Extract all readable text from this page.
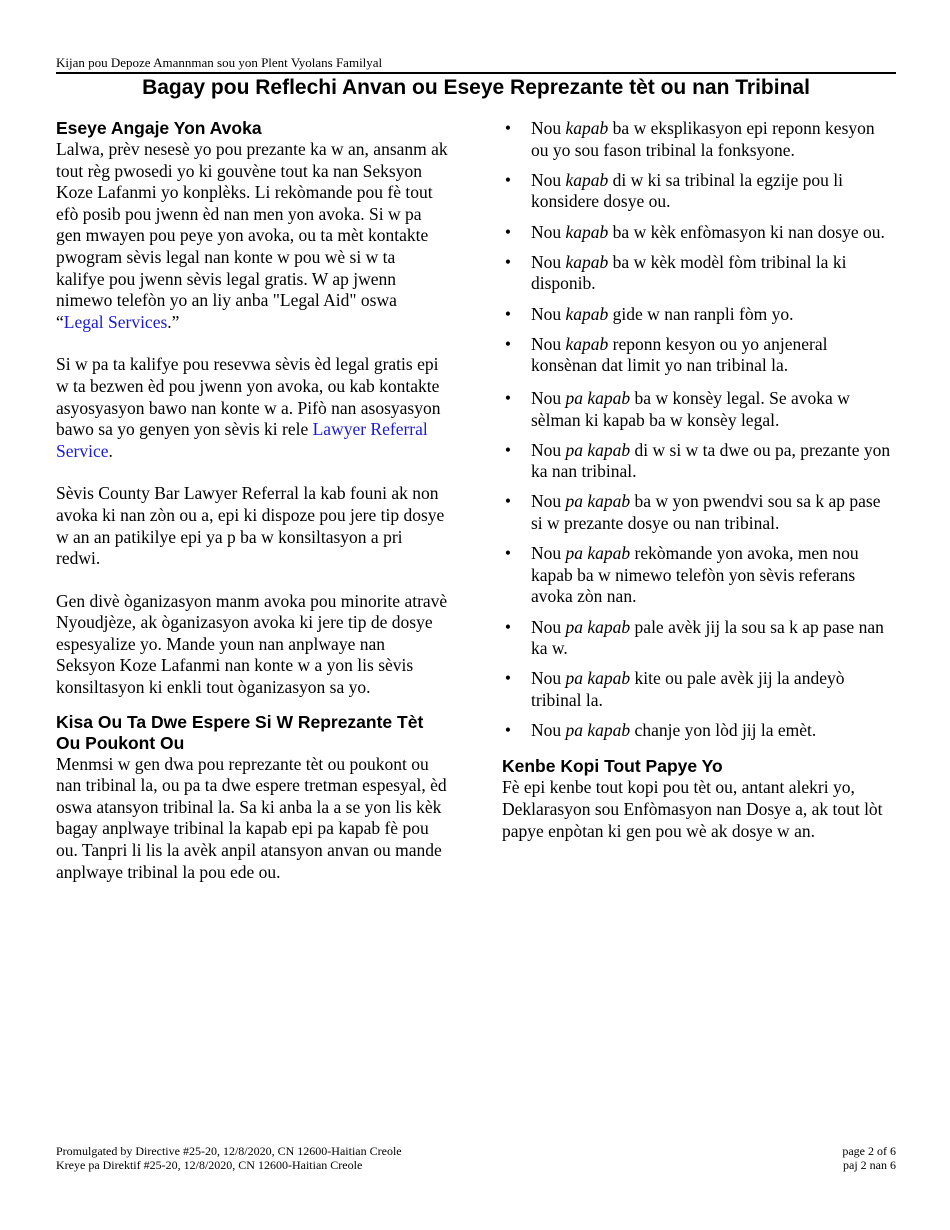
Kijan pou Depoze Amannman sou yon Plent Vyolans Familyal
Bagay pou Reflechi Anvan ou Eseye Reprezante tèt ou nan Tribinal
Eseye Angaje Yon Avoka

Lalwa, prèv nesesè yo pou prezante ka w an, ansanm ak tout règ pwosedi yo ki gouvène tout ka nan Seksyon Koze Lafanmi yo konplèks. Li rekòmande pou fè tout efò posib pou jwenn èd nan men yon avoka. Si w pa gen mwayen pou peye yon avoka, ou ta mèt kontakte pwogram sèvis legal nan konte w pou wè si w ta kalifye pou jwenn sèvis legal gratis. W ap jwenn nimewo telefòn yo an liy anba "Legal Aid" oswa “Legal Services.”

Si w pa ta kalifye pou resevwa sèvis èd legal gratis epi w ta bezwen èd pou jwenn yon avoka, ou kab kontakte asyosyasyon bawo nan konte w a. Pifò nan asosyasyon bawo sa yo genyen yon sèvis ki rele Lawyer Referral Service.

Sèvis County Bar Lawyer Referral la kab founi ak non avoka ki nan zòn ou a, epi ki dispoze pou jere tip dosye w an an patikilye epi ya p ba w konsiltasyon a pri redwi.

Gen divè òganizasyon manm avoka pou minorite atravè Nyoudjèze, ak òganizasyon avoka ki jere tip de dosye espesyalize yo. Mande youn nan anplwaye nan Seksyon Koze Lafanmi nan konte w a yon lis sèvis konsiltasyon ki enkli tout òganizasyon sa yo.

Kisa Ou Ta Dwe Espere Si W Reprezante Tèt Ou Poukont Ou

Menmsi w gen dwa pou reprezante tèt ou poukont ou nan tribinal la, ou pa ta dwe espere tretman espesyal, èd oswa atansyon tribinal la. Sa ki anba la a se yon lis kèk bagay anplwaye tribinal la kapab epi pa kapab fè pou ou. Tanpri li lis la avèk anpil atansyon anvan ou mande anplwaye tribinal la pou ede ou.

• Nou kapab ba w eksplikasyon epi reponn kesyon ou yo sou fason tribinal la fonksyone.
• Nou kapab di w ki sa tribinal la egzije pou li konsidere dosye ou.
• Nou kapab ba w kèk enfòmasyon ki nan dosye ou.
• Nou kapab ba w kèk modèl fòm tribinal la ki disponib.
• Nou kapab gide w nan ranpli fòm yo.
• Nou kapab reponn kesyon ou yo anjeneral konsènan dat limit yo nan tribinal la.
• Nou pa kapab ba w konsèy legal. Se avoka w sèlman ki kapab ba w konsèy legal.
• Nou pa kapab di w si w ta dwe ou pa, prezante yon ka nan tribinal.
• Nou pa kapab ba w yon pwendvi sou sa k ap pase si w prezante dosye ou nan tribinal.
• Nou pa kapab rekòmande yon avoka, men nou kapab ba w nimewo telefòn yon sèvis referans avoka zòn nan.
• Nou pa kapab pale avèk jij la sou sa k ap pase nan ka w.
• Nou pa kapab kite ou pale avèk jij la andeyò tribinal la.
• Nou pa kapab chanje yon lòd jij la emèt.
Kenbe Kopi Tout Papye Yo

Fè epi kenbe tout kopi pou tèt ou, antant alekri yo, Deklarasyon sou Enfòmasyon nan Dosye a, ak tout lòt papye enpòtan ki gen pou wè ak dosye w an.

Promulgated by Directive #25-20, 12/8/2020, CN 12600-Haitian Creole	page 2 of 6
Kreye pa Direktif #25-20, 12/8/2020, CN 12600-Haitian Creole	paj 2 nan 6
